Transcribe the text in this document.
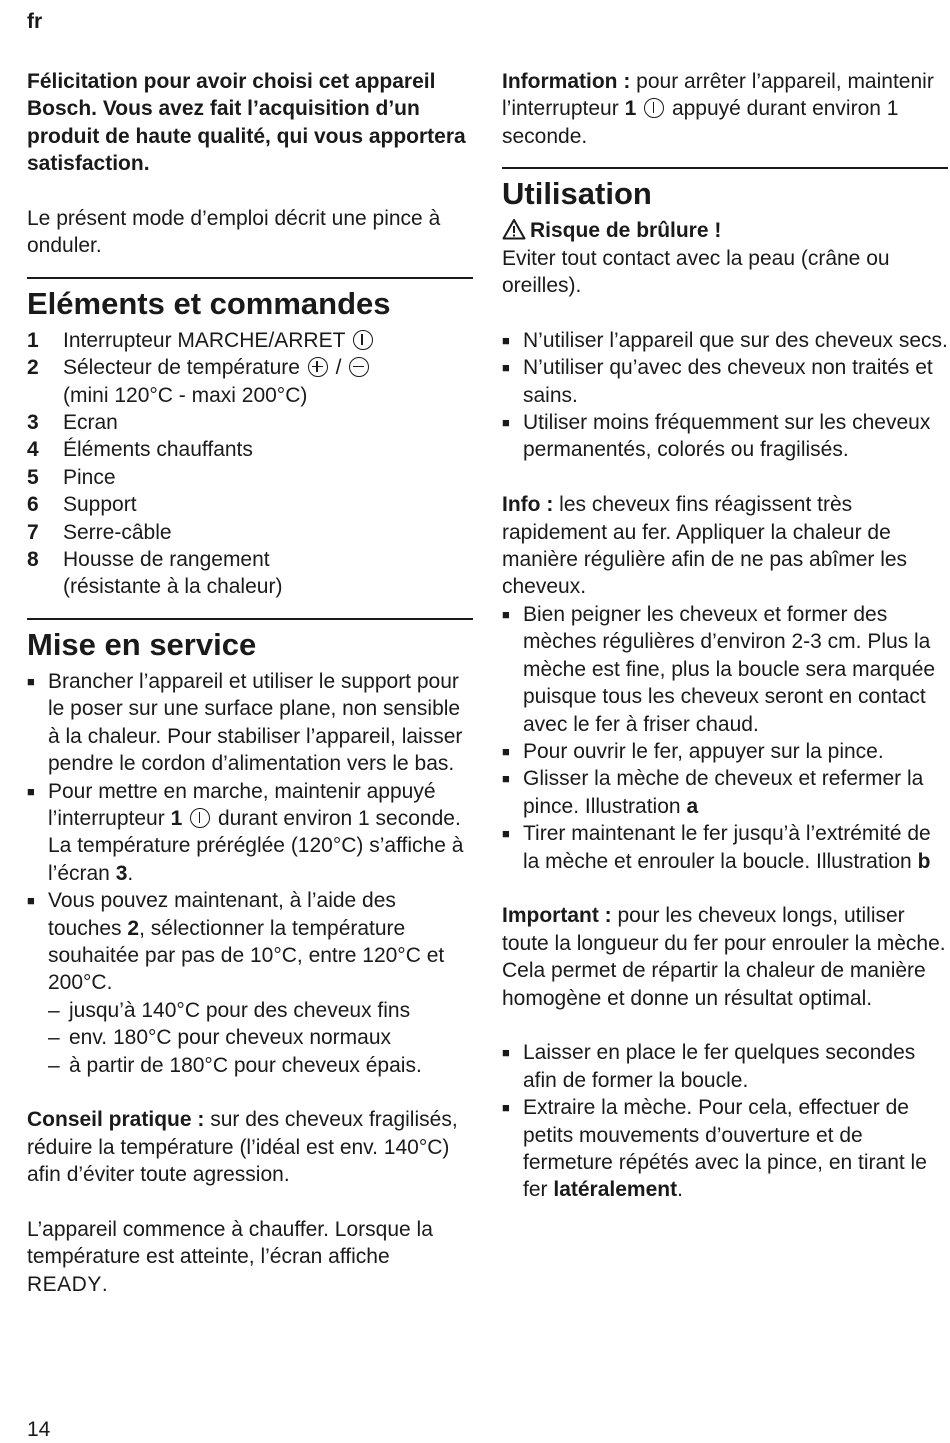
fr

Félicitation pour avoir choisi cet appareil Bosch. Vous avez fait l’acquisition d’un produit de haute qualité, qui vous apportera satisfaction.

Le présent mode d’emploi décrit une pince à onduler.

Eléments et commandes
1	Interrupteur MARCHE/ARRET
2	Sélecteur de température /
(mini 120°C - maxi 200°C)
3	Ecran
4	Éléments chauffants
5	Pince
6	Support
7	Serre-câble
8	Housse de rangement
(résistante à la chaleur)
Mise en service
■ Brancher l’appareil et utiliser le support pour le poser sur une surface plane, non sensible à la chaleur. Pour stabiliser l’appareil, laisser pendre le cordon d’alimentation vers le bas.
■ Pour mettre en marche, maintenir appuyé l’interrupteur 1 durant environ 1 seconde. La température préréglée (120°C) s’affiche à l’écran 3.
■ Vous pouvez maintenant, à l’aide des touches 2, sélectionner la température souhaitée par pas de 10°C, entre 120°C et 200°C.
– jusqu’à 140°C pour des cheveux fins
– env. 180°C pour cheveux normaux
– à partir de 180°C pour cheveux épais.

Conseil pratique : sur des cheveux fragilisés, réduire la température (l’idéal est env. 140°C) afin d’éviter toute agression.

L’appareil commence à chauffer. Lorsque la température est atteinte, l’écran affiche READY.

Information : pour arrêter l’appareil, maintenir l’interrupteur 1 appuyé durant environ 1 seconde.

Utilisation

Risque de brûlure !

Eviter tout contact avec la peau (crâne ou oreilles).

■ N’utiliser l’appareil que sur des cheveux secs.
■ N’utiliser qu’avec des cheveux non traités et sains.
■ Utiliser moins fréquemment sur les cheveux permanentés, colorés ou fragilisés.

Info : les cheveux fins réagissent très rapidement au fer. Appliquer la chaleur de manière régulière afin de ne pas abîmer les cheveux.

■ Bien peigner les cheveux et former des mèches régulières d’environ 2-3 cm. Plus la mèche est fine, plus la boucle sera marquée puisque tous les cheveux seront en contact avec le fer à friser chaud.
■ Pour ouvrir le fer, appuyer sur la pince.
■ Glisser la mèche de cheveux et refermer la pince. Illustration a
■ Tirer maintenant le fer jusqu’à l’extrémité de la mèche et enrouler la boucle. Illustration b

Important : pour les cheveux longs, utiliser toute la longueur du fer pour enrouler la mèche. Cela permet de répartir la chaleur de manière homogène et donne un résultat optimal.

■ Laisser en place le fer quelques secondes afin de former la boucle.
■ Extraire la mèche. Pour cela, effectuer de petits mouvements d’ouverture et de fermeture répétés avec la pince, en tirant le fer latéralement.
14
